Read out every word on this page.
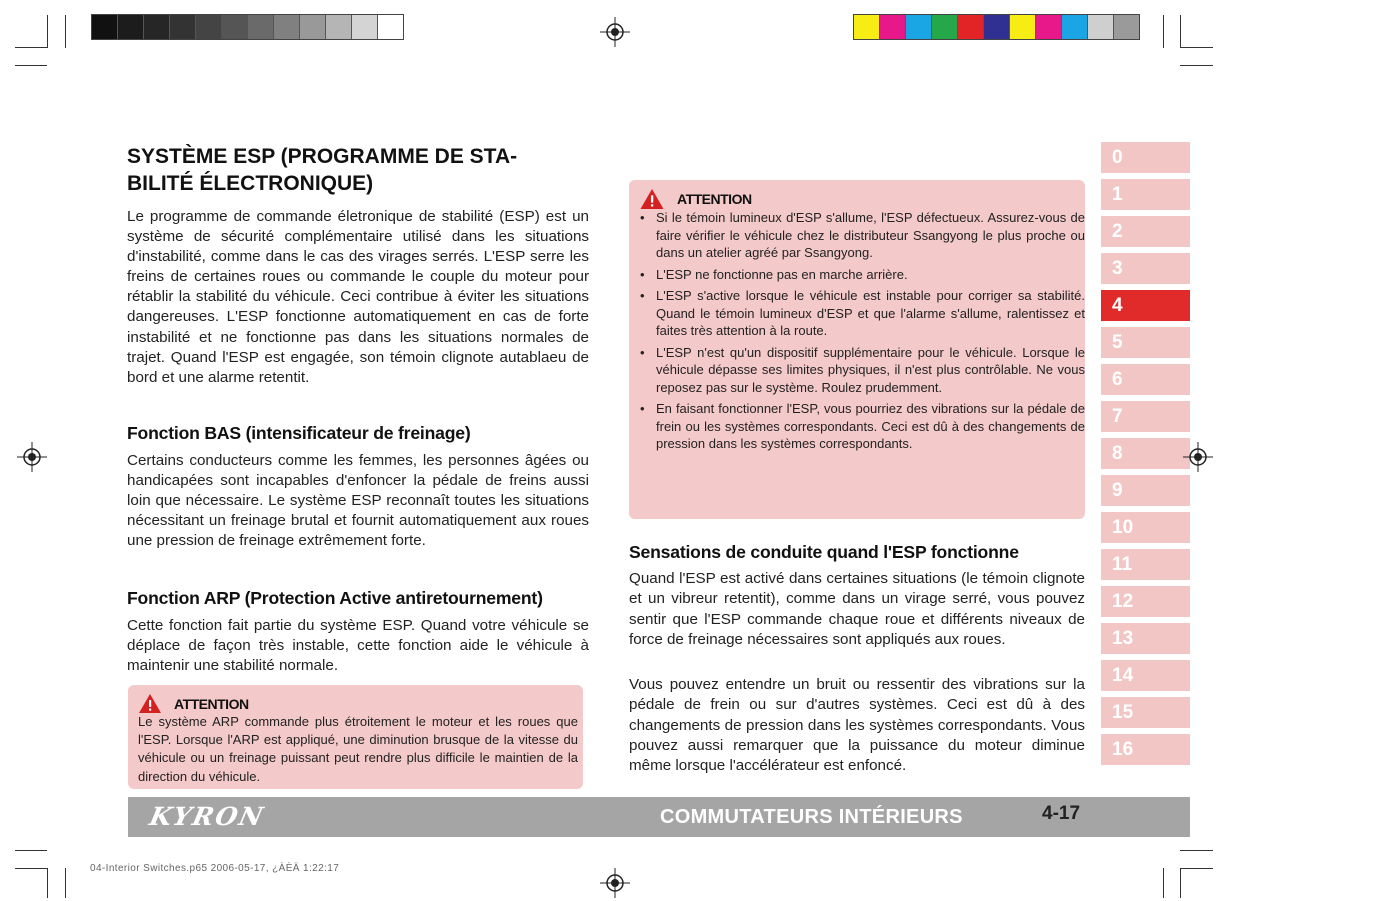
SYSTÈME ESP (PROGRAMME DE STA-
BILITÉ ÉLECTRONIQUE)

Le programme de commande életronique de stabilité (ESP) est un système de sécurité complémentaire utilisé dans les situations d'instabilité, comme dans le cas des virages serrés. L'ESP serre les freins de certaines roues ou commande le couple du moteur pour rétablir la stabilité du véhicule. Ceci contribue à éviter les situations dangereuses. L'ESP fonctionne automatiquement en cas de forte instabilité et ne fonctionne pas dans les situations normales de trajet. Quand l'ESP est engagée, son témoin clignote autablaeu de bord et une alarme retentit.

Fonction BAS (intensificateur de freinage)

Certains conducteurs comme les femmes, les personnes âgées ou handicapées sont incapables d'enfoncer la pédale de freins aussi loin que nécessaire. Le système ESP reconnaît toutes les situations nécessitant un freinage brutal et fournit automatiquement aux roues une pression de freinage extrêmement forte.

Fonction ARP (Protection Active antiretournement)

Cette fonction fait partie du système ESP. Quand votre véhicule se déplace de façon très instable, cette fonction aide le véhicule à maintenir une stabilité normale.

ATTENTION

Le système ARP commande plus étroitement le moteur et les roues que l'ESP. Lorsque l'ARP est appliqué, une diminution brusque de la vitesse du véhicule ou un freinage puissant peut rendre plus difficile le maintien de la direction du véhicule.

ATTENTION
• Si le témoin lumineux d'ESP s'allume, l'ESP défectueux. Assurez-vous de faire vérifier le véhicule chez le distributeur Ssangyong le plus proche ou dans un atelier agréé par Ssangyong.
• L'ESP ne fonctionne pas en marche arrière.
• L'ESP s'active lorsque le véhicule est instable pour corriger sa stabilité. Quand le témoin lumineux d'ESP et que l'alarme s'allume, ralentissez et faites très attention à la route.
• L'ESP n'est qu'un dispositif supplémentaire pour le véhicule. Lorsque le véhicule dépasse ses limites physiques, il n'est plus contrôlable. Ne vous reposez pas sur le système. Roulez prudemment.
• En faisant fonctionner l'ESP, vous pourriez des vibrations sur la pédale de frein ou les systèmes correspondants. Ceci est dû à des changements de pression dans les systèmes correspondants.
Sensations de conduite quand l'ESP fonctionne

Quand l'ESP est activé dans certaines situations (le témoin clignote et un vibreur retentit), comme dans un virage serré, vous pouvez sentir que l'ESP commande chaque roue et différents niveaux de force de freinage nécessaires sont appliqués aux roues.

Vous pouvez entendre un bruit ou ressentir des vibrations sur la pédale de frein ou sur d'autres systèmes. Ceci est dû à des changements de pression dans les systèmes correspondants. Vous pouvez aussi remarquer que la puissance du moteur diminue même lorsque l'accélérateur est enfoncé.

0
1
2
3
4
5
6
7
8
9
10
11
12
13
14
15
16
KYRON	COMMUTATEURS INTÉRIEURS	4-17
04-Interior Switches.p65 2006-05-17, ¿ÀÈÄ 1:22:17
